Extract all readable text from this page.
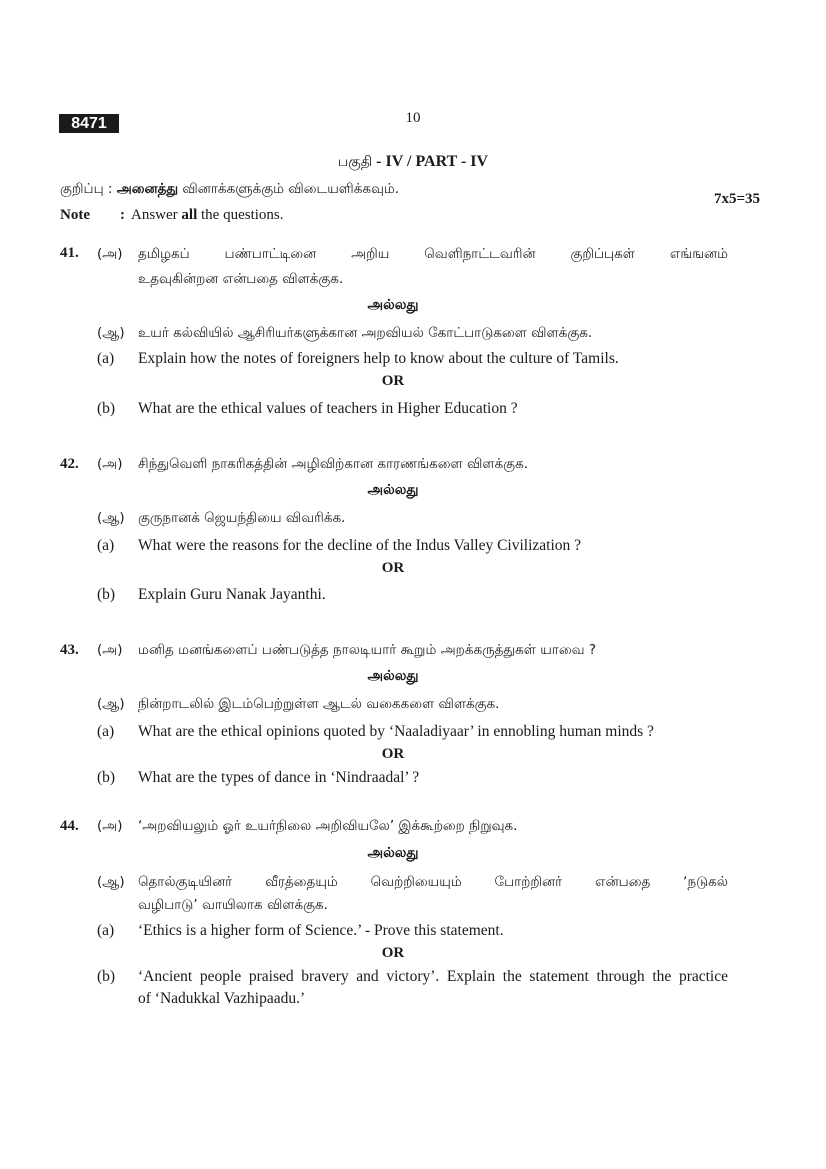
8471	10
பகுதி - IV / PART - IV
குறிப்பு : அனைத்து வினாக்களுக்கும் விடையளிக்கவும்.
Note : Answer all the questions.
7x5=35
41. (அ) தமிழகப் பண்பாட்டினை அறிய வெளிநாட்டவரின் குறிப்புகள் எங்ஙனம்
உதவுகின்றன என்பதை விளக்குக.
அல்லது
(ஆ) உயர் கல்வியில் ஆசிரியர்களுக்கான அறவியல் கோட்பாடுகளை விளக்குக.
(a) Explain how the notes of foreigners help to know about the culture of Tamils.
OR
(b) What are the ethical values of teachers in Higher Education ?
42. (அ) சிந்துவெளி நாகரிகத்தின் அழிவிற்கான காரணங்களை விளக்குக.
அல்லது
(ஆ) குருநானக் ஜெயந்தியை விவரிக்க.
(a) What were the reasons for the decline of the Indus Valley Civilization ?
OR
(b) Explain Guru Nanak Jayanthi.
43. (அ) மனித மனங்களைப் பண்படுத்த நாலடியார் கூறும் அறக்கருத்துகள் யாவை ?
அல்லது
(ஆ) நின்றாடலில் இடம்பெற்றுள்ள ஆடல் வகைகளை விளக்குக.
(a) What are the ethical opinions quoted by ‘Naaladiyaar’ in ennobling human minds ?
OR
(b) What are the types of dance in ‘Nindraadal’ ?
44. (அ) ‘அறவியலும் ஓர் உயர்நிலை அறிவியலே’ இக்கூற்றை நிறுவுக.
அல்லது
(ஆ) தொல்குடியினர் வீரத்தையும் வெற்றியையும் போற்றினர் என்பதை ‘நடுகல்
வழிபாடு’ வாயிலாக விளக்குக.
(a) ‘Ethics is a higher form of Science.’ - Prove this statement.
OR
(b) ‘Ancient people praised bravery and victory’. Explain the statement through the practice
of ‘Nadukkal Vazhipaadu.’
